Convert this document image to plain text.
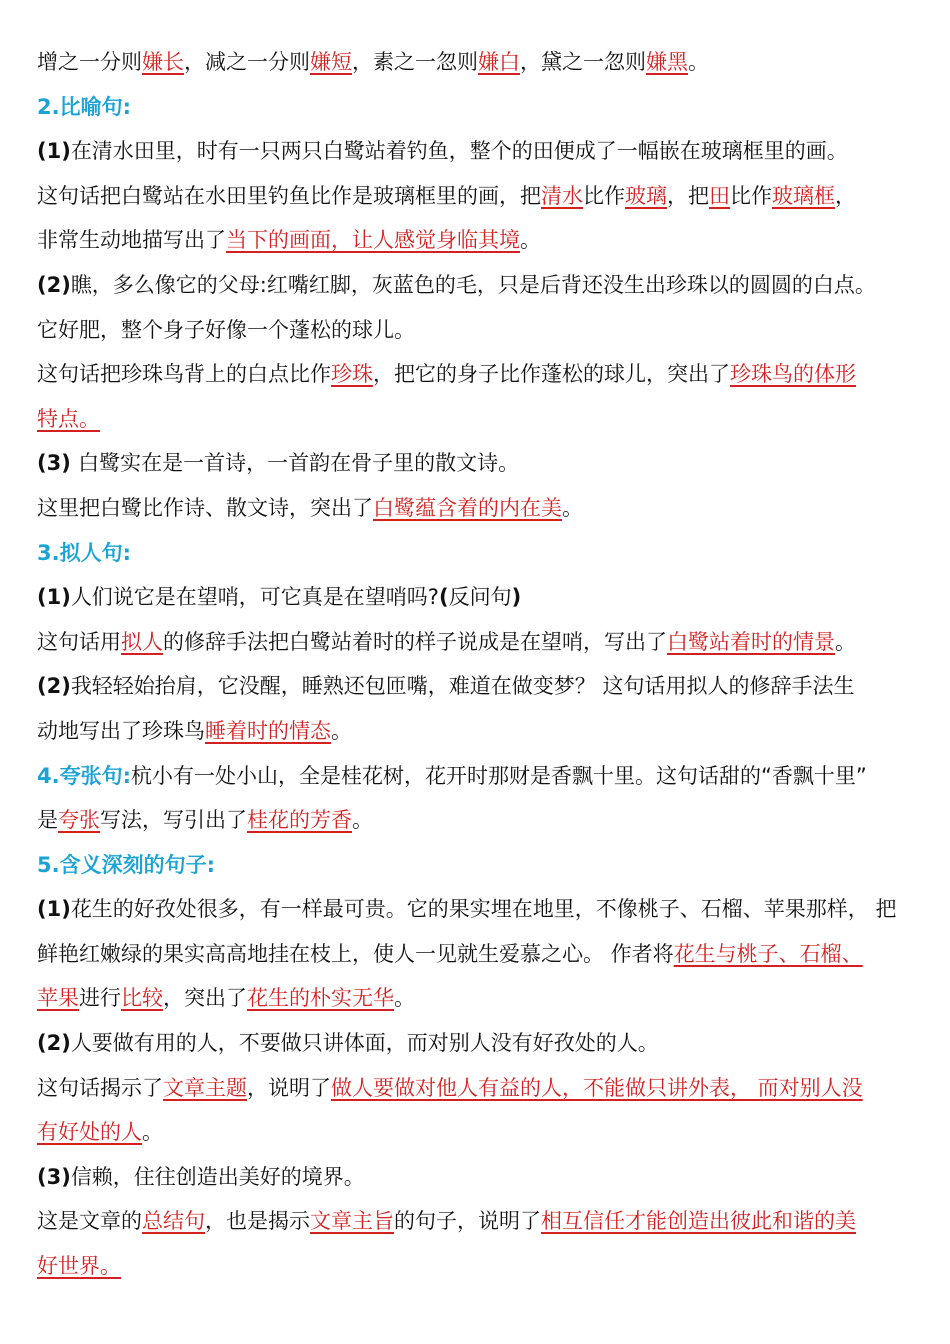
增之一分则嫌长，减之一分则嫌短，素之一忽则嫌白，黛之一忽则嫌黑。
2.比喻句:
(1)在清水田里，时有一只两只白鹭站着钓鱼，整个的田便成了一幅嵌在玻璃框里的画。
这句话把白鹭站在水田里钓鱼比作是玻璃框里的画，把清水比作玻璃，把田比作玻璃框，
非常生动地描写出了当下的画面，让人感觉身临其境。
(2)瞧，多么像它的父母:红嘴红脚，灰蓝色的毛，只是后背还没生出珍珠以的圆圆的白点。
它好肥，整个身子好像一个蓬松的球儿。
这句话把珍珠鸟背上的白点比作珍珠，把它的身子比作蓬松的球儿，突出了珍珠鸟的体形
特点。
(3) 白鹭实在是一首诗，一首韵在骨子里的散文诗。
这里把白鹭比作诗、散文诗，突出了白鹭蕴含着的内在美。
3.拟人句:
(1)人们说它是在望哨，可它真是在望哨吗?(反问句)
这句话用拟人的修辞手法把白鹭站着时的样子说成是在望哨，写出了白鹭站着时的情景。
(2)我轻轻始抬肩，它没醒，睡熟还包匝嘴，难道在做变梦？ 这句话用拟人的修辞手法生
动地写出了珍珠鸟睡着时的情态。
4.夸张句:杭小有一处小山，全是桂花树，花开时那财是香飘十里。这句话甜的“香飘十里”
是夸张写法，写引出了桂花的芳香。
5.含义深刻的句子:
(1)花生的好孜处很多，有一样最可贵。它的果实埋在地里，不像桃子、石榴、苹果那样， 把
鲜艳红嫩绿的果实高高地挂在枝上，使人一见就生爱慕之心。 作者将花生与桃子、石榴、
苹果进行比较，突出了花生的朴实无华。
(2)人要做有用的人，不要做只讲体面，而对别人没有好孜处的人。
这句话揭示了文章主题，说明了做人要做对他人有益的人，不能做只讲外表， 而对别人没
有好处的人。
(3)信赖，住往创造出美好的境界。
这是文章的总结句，也是揭示文章主旨的句子，说明了相互信任才能创造出彼此和谐的美
好世界。
